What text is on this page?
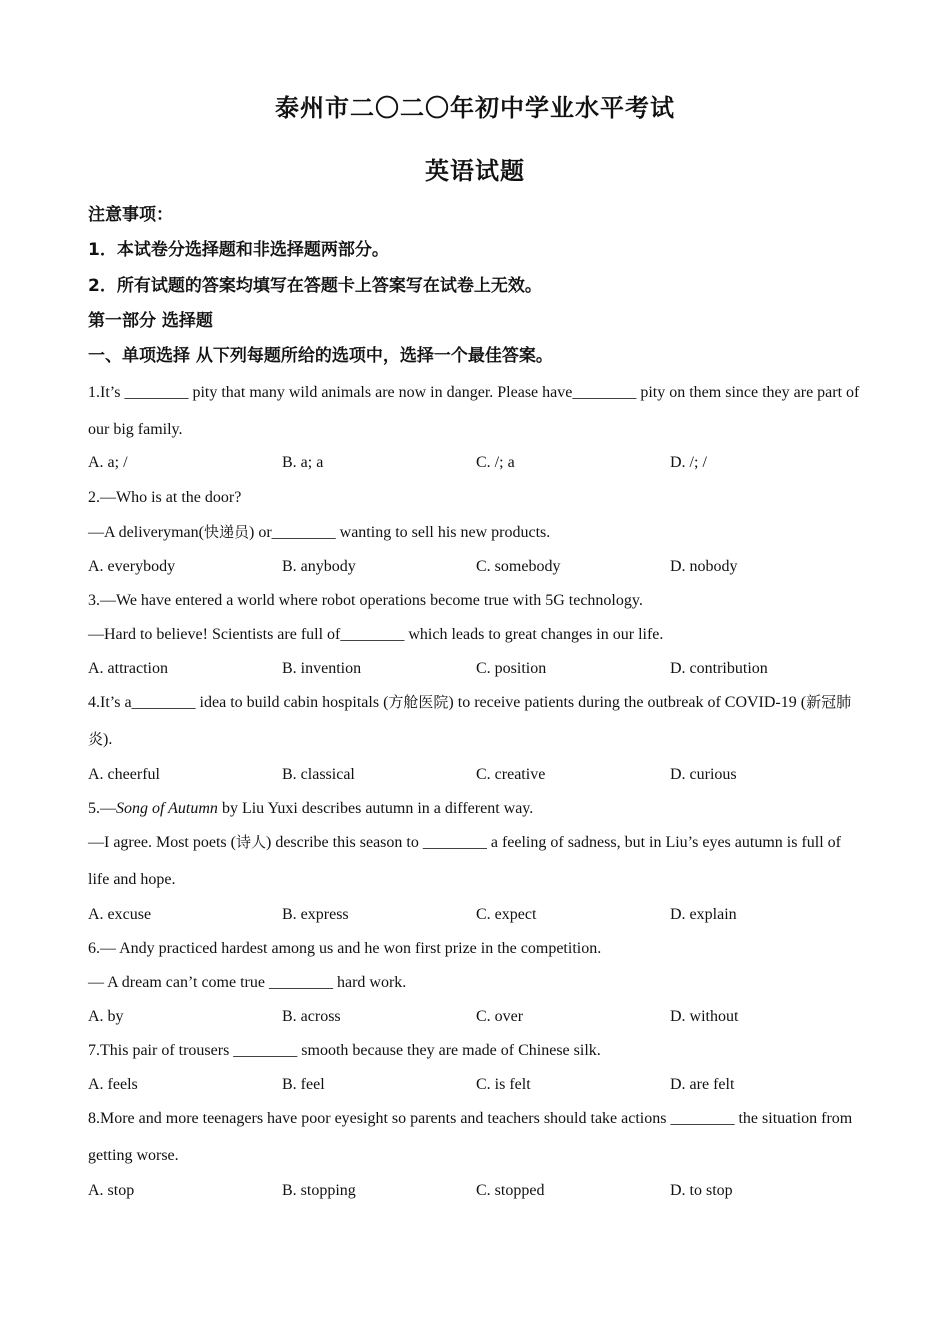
泰州市二〇二〇年初中学业水平考试
英语试题
注意事项：
1．本试卷分选择题和非选择题两部分。
2．所有试题的答案均填写在答题卡上答案写在试卷上无效。
第一部分 选择题
一、单项选择 从下列每题所给的选项中，选择一个最佳答案。
1.It’s ________ pity that many wild animals are now in danger. Please have________ pity on them since they are part of our big family.
A. a; /	B. a; a	C. /; a	D. /; /
2.—Who is at the door?
—A deliveryman(快递员) or________ wanting to sell his new products.
A. everybody	B. anybody	C. somebody	D. nobody
3.—We have entered a world where robot operations become true with 5G technology.
—Hard to believe! Scientists are full of________ which leads to great changes in our life.
A. attraction	B. invention	C. position	D. contribution
4.It’s a________ idea to build cabin hospitals (方舱医院) to receive patients during the outbreak of COVID-19 (新冠肺炎).
A. cheerful	B. classical	C. creative	D. curious
5.—Song of Autumn by Liu Yuxi describes autumn in a different way.
—I agree. Most poets (诗人) describe this season to ________ a feeling of sadness, but in Liu’s eyes autumn is full of life and hope.
A. excuse	B. express	C. expect	D. explain
6.— Andy practiced hardest among us and he won first prize in the competition.
— A dream can’t come true ________ hard work.
A. by	B. across	C. over	D. without
7.This pair of trousers ________ smooth because they are made of Chinese silk.
A. feels	B. feel	C. is felt	D. are felt
8.More and more teenagers have poor eyesight so parents and teachers should take actions ________ the situation from getting worse.
A. stop	B. stopping	C. stopped	D. to stop
